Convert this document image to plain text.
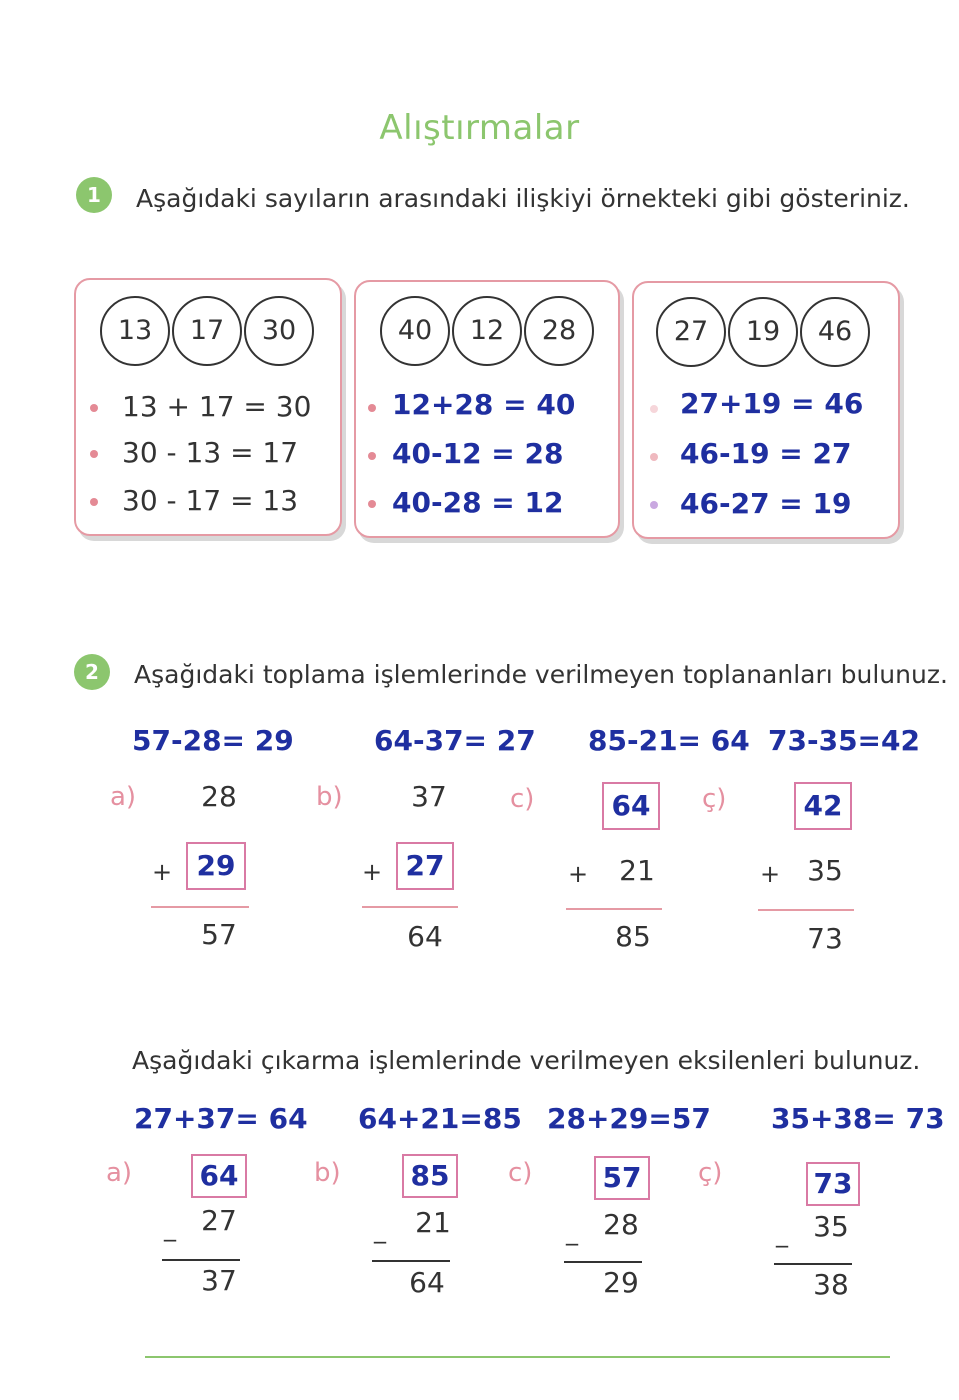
Alıştırmalar
1	Aşağıdaki sayıların arasındaki ilişkiyi örnekteki gibi gösteriniz.
13	17	30
13 + 17 = 30
30 - 13 = 17
30 - 17 = 13
40	12	28
12+28 = 40
40-12 = 28
40-28 = 12
27	19	46
27+19 = 46
46-19 = 27
46-27 = 19
2	Aşağıdaki toplama işlemlerinde verilmeyen toplananları bulunuz.
57-28= 29	64-37= 27 85-21= 64 73-35=42
a)	28
+ 29
57
b)	37
+ 27
64
c)	64
+	21
85
ç)	42
+ 35
73
Aşağıdaki çıkarma işlemlerinde verilmeyen eksilenleri bulunuz.
27+37= 64 64+21=85 28+29=57 35+38= 73
a)	64
_ 27
37
b)	85
_	21
64
c)	57
_ 28
29
ç)	73
_ 35
38
